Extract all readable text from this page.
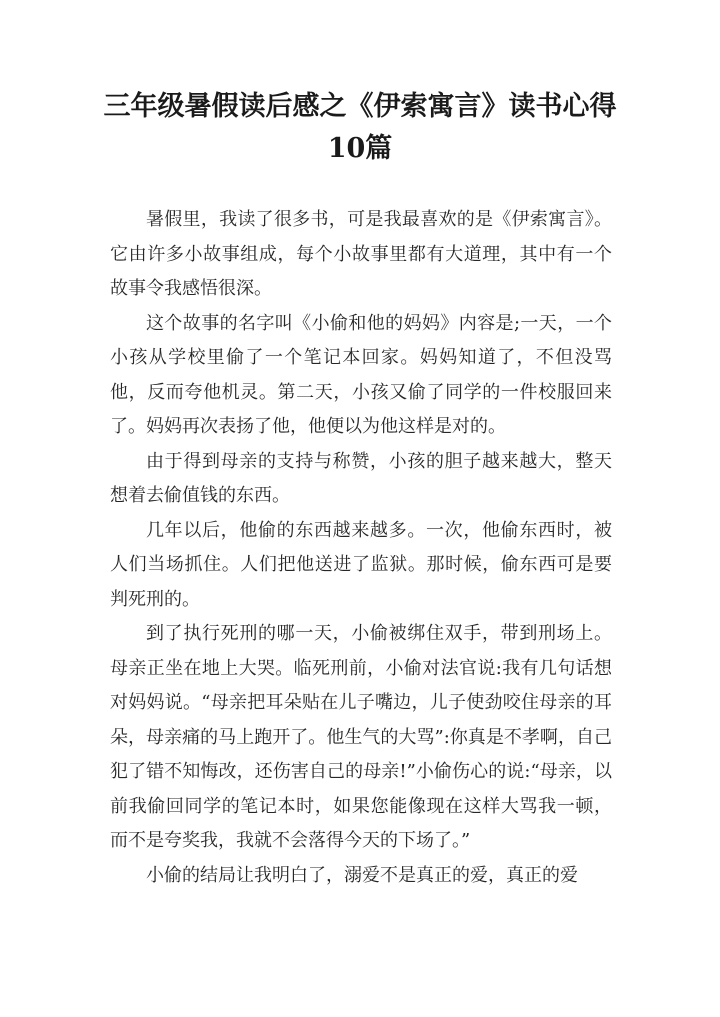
三年级暑假读后感之《伊索寓言》读书心得
10篇

暑假里，我读了很多书，可是我最喜欢的是《伊索寓言》。它由许多小故事组成，每个小故事里都有大道理，其中有一个故事令我感悟很深。

这个故事的名字叫《小偷和他的妈妈》内容是;一天，一个小孩从学校里偷了一个笔记本回家。妈妈知道了，不但没骂他，反而夸他机灵。第二天，小孩又偷了同学的一件校服回来了。妈妈再次表扬了他，他便以为他这样是对的。

由于得到母亲的支持与称赞，小孩的胆子越来越大，整天想着去偷值钱的东西。

几年以后，他偷的东西越来越多。一次，他偷东西时，被人们当场抓住。人们把他送进了监狱。那时候，偷东西可是要判死刑的。

到了执行死刑的哪一天，小偷被绑住双手，带到刑场上。母亲正坐在地上大哭。临死刑前，小偷对法官说:我有几句话想对妈妈说。“母亲把耳朵贴在儿子嘴边，儿子使劲咬住母亲的耳朵，母亲痛的马上跑开了。他生气的大骂”:你真是不孝啊，自己犯了错不知悔改，还伤害自己的母亲!”小偷伤心的说:“母亲，以前我偷回同学的笔记本时，如果您能像现在这样大骂我一顿，而不是夸奖我，我就不会落得今天的下场了。”

小偷的结局让我明白了，溺爱不是真正的爱，真正的爱
